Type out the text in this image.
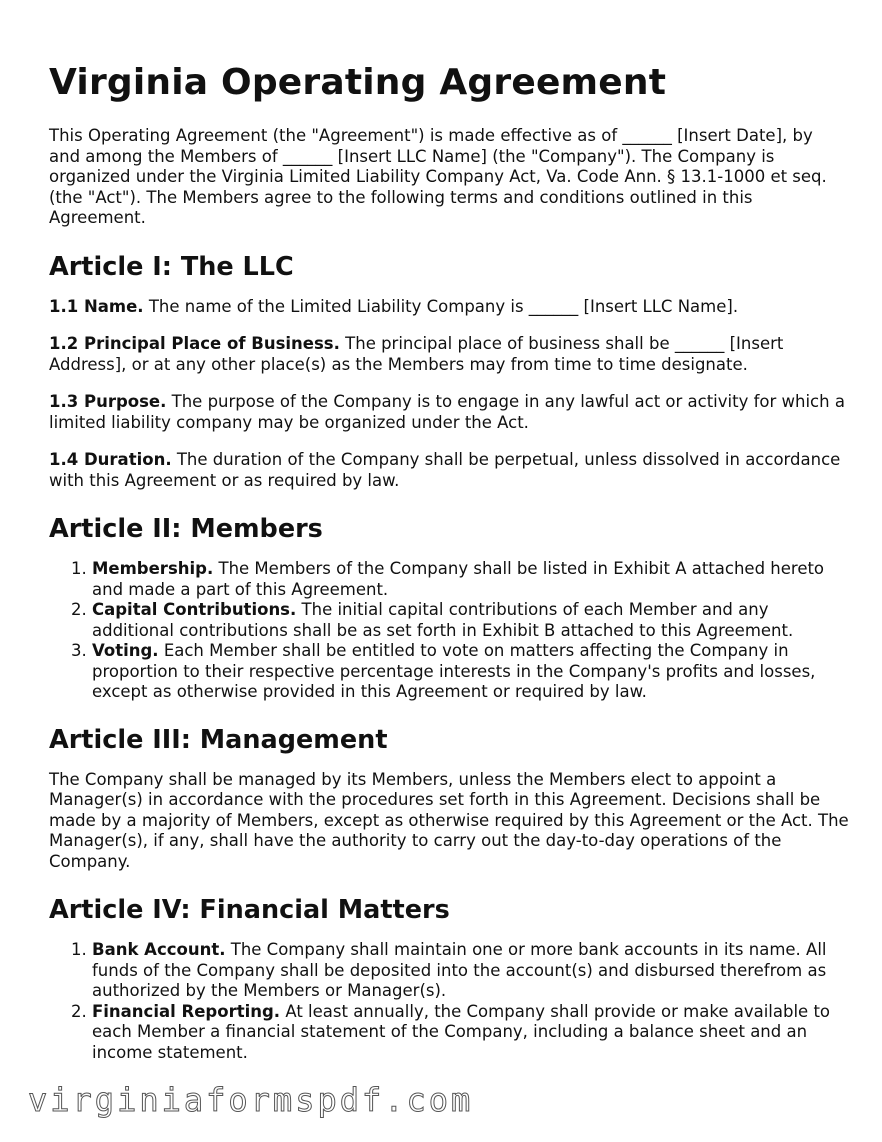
Virginia Operating Agreement

This Operating Agreement (the "Agreement") is made effective as of ______ [Insert Date], by and among the Members of ______ [Insert LLC Name] (the "Company"). The Company is organized under the Virginia Limited Liability Company Act, Va. Code Ann. § 13.1-1000 et seq. (the "Act"). The Members agree to the following terms and conditions outlined in this Agreement.

Article I: The LLC

1.1 Name. The name of the Limited Liability Company is ______ [Insert LLC Name].

1.2 Principal Place of Business. The principal place of business shall be ______ [Insert Address], or at any other place(s) as the Members may from time to time designate.

1.3 Purpose. The purpose of the Company is to engage in any lawful act or activity for which a limited liability company may be organized under the Act.

1.4 Duration. The duration of the Company shall be perpetual, unless dissolved in accordance with this Agreement or as required by law.

Article II: Members
1. Membership. The Members of the Company shall be listed in Exhibit A attached hereto and made a part of this Agreement.
2. Capital Contributions. The initial capital contributions of each Member and any additional contributions shall be as set forth in Exhibit B attached to this Agreement.
3. Voting. Each Member shall be entitled to vote on matters affecting the Company in proportion to their respective percentage interests in the Company's profits and losses, except as otherwise provided in this Agreement or required by law.
Article III: Management

The Company shall be managed by its Members, unless the Members elect to appoint a Manager(s) in accordance with the procedures set forth in this Agreement. Decisions shall be made by a majority of Members, except as otherwise required by this Agreement or the Act. The Manager(s), if any, shall have the authority to carry out the day-to-day operations of the Company.

Article IV: Financial Matters
1. Bank Account. The Company shall maintain one or more bank accounts in its name. All funds of the Company shall be deposited into the account(s) and disbursed therefrom as authorized by the Members or Manager(s).
2. Financial Reporting. At least annually, the Company shall provide or make available to each Member a financial statement of the Company, including a balance sheet and an income statement.
virginiaformspdf.com
